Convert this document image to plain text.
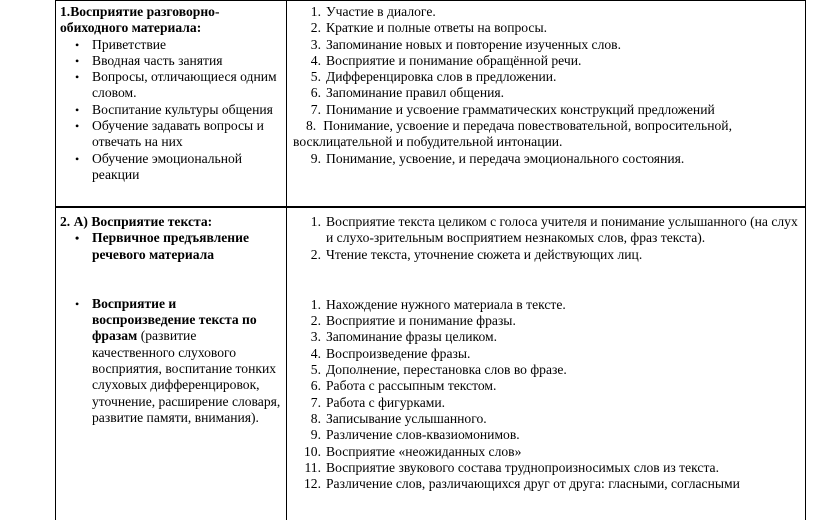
1.Восприятие разговорно-обиходного материала:
• Приветствие
• Вводная часть занятия
• Вопросы, отличающиеся одним словом.
• Воспитание культуры общения
• Обучение задавать вопросы и отвечать на них
• Обучение эмоциональной реакции
1. Участие в диалоге.
2. Краткие и полные ответы на вопросы.
3. Запоминание новых и повторение изученных слов.
4. Восприятие и понимание обращённой речи.
5. Дифференцировка слов в предложении.
6. Запоминание правил общения.
7. Понимание и усвоение грамматических конструкций предложений
8. Понимание, усвоение и передача повествовательной, вопросительной, восклицательной и побудительной интонации.
9. Понимание, усвоение, и передача эмоционального состояния.
2. А) Восприятие текста:
• Первичное предъявление речевого материала
• Восприятие и воспроизведение текста по фразам (развитие качественного слухового восприятия, воспитание тонких слуховых дифференцировок, уточнение, расширение словаря, развитие памяти, внимания).
1. Восприятие текста целиком с голоса учителя и понимание услышанного (на слух и слухо-зрительным восприятием незнакомых слов, фраз текста).
2. Чтение текста, уточнение сюжета и действующих лиц.
1. Нахождение нужного материала в тексте.
2. Восприятие и понимание фразы.
3. Запоминание фразы целиком.
4. Воспроизведение фразы.
5. Дополнение, перестановка слов во фразе.
6. Работа с рассыпным текстом.
7. Работа с фигурками.
8. Записывание услышанного.
9. Различение слов-квазиомонимов.
10. Восприятие «неожиданных слов»
11. Восприятие звукового состава труднопроизносимых слов из текста.
12. Различение слов, различающихся друг от друга: гласными, согласными
